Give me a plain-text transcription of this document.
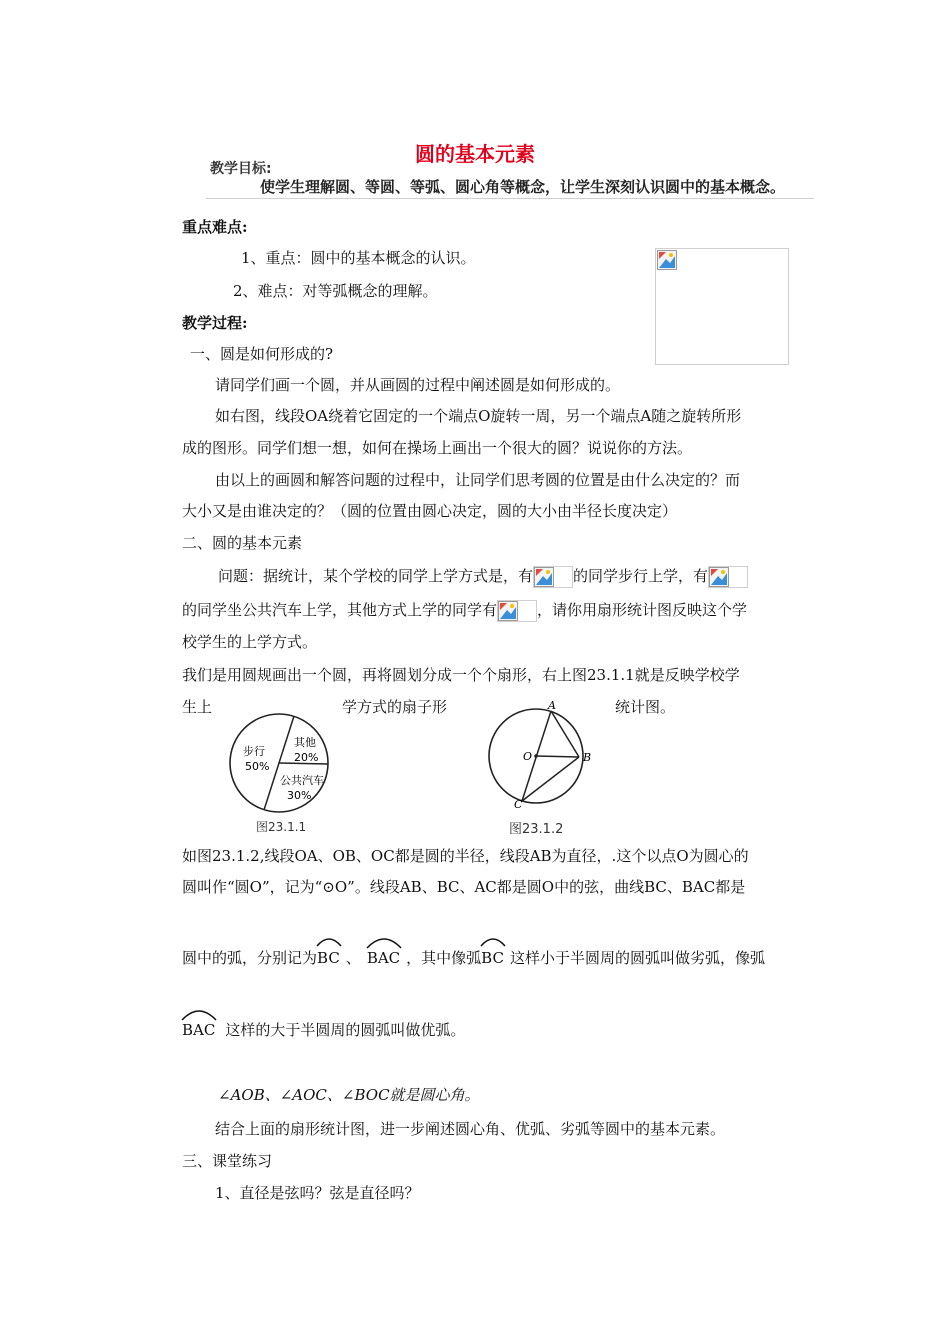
圆的基本元素
教学目标:
使学生理解圆、等圆、等弧、圆心角等概念，让学生深刻认识圆中的基本概念。
重点难点:
1、重点：圆中的基本概念的认识。
2、难点：对等弧概念的理解。
教学过程:
一、圆是如何形成的?
请同学们画一个圆，并从画圆的过程中阐述圆是如何形成的。
如右图，线段OA绕着它固定的一个端点O旋转一周，另一个端点A随之旋转所形
成的图形。同学们想一想，如何在操场上画出一个很大的圆？说说你的方法。
由以上的画圆和解答问题的过程中，让同学们思考圆的位置是由什么决定的？而
大小又是由谁决定的？（圆的位置由圆心决定，圆的大小由半径长度决定）
二、圆的基本元素
问题：据统计，某个学校的同学上学方式是，有	的同学步行上学，有
的同学坐公共汽车上学，其他方式上学的同学有	，请你用扇形统计图反映这个学
校学生的上学方式。
我们是用圆规画出一个圆，再将圆划分成一个个扇形，右上图23.1.1就是反映学校学
生上	学方式的扇子形	统计图。
步行
50%
其他
20%
公共汽车
30%
图23.1.1
A
B
C
O
图23.1.2
如图23.1.2,线段OA、OB、OC都是圆的半径，线段AB为直径，.这个以点O为圆心的
圆叫作“圆O”，记为“⊙O”。线段AB、BC、AC都是圆O中的弦，曲线BC、BAC都是
圆中的弧，分别记为
BC 、 BAC ，其中像弧
BC 这样小于半圆周的圆弧叫做劣弧，像弧
BAC 这样的大于半圆周的圆弧叫做优弧。
∠AOB、∠AOC、∠BOC就是圆心角。
结合上面的扇形统计图，进一步阐述圆心角、优弧、劣弧等圆中的基本元素。
三、课堂练习
1、直径是弦吗？弦是直径吗？
